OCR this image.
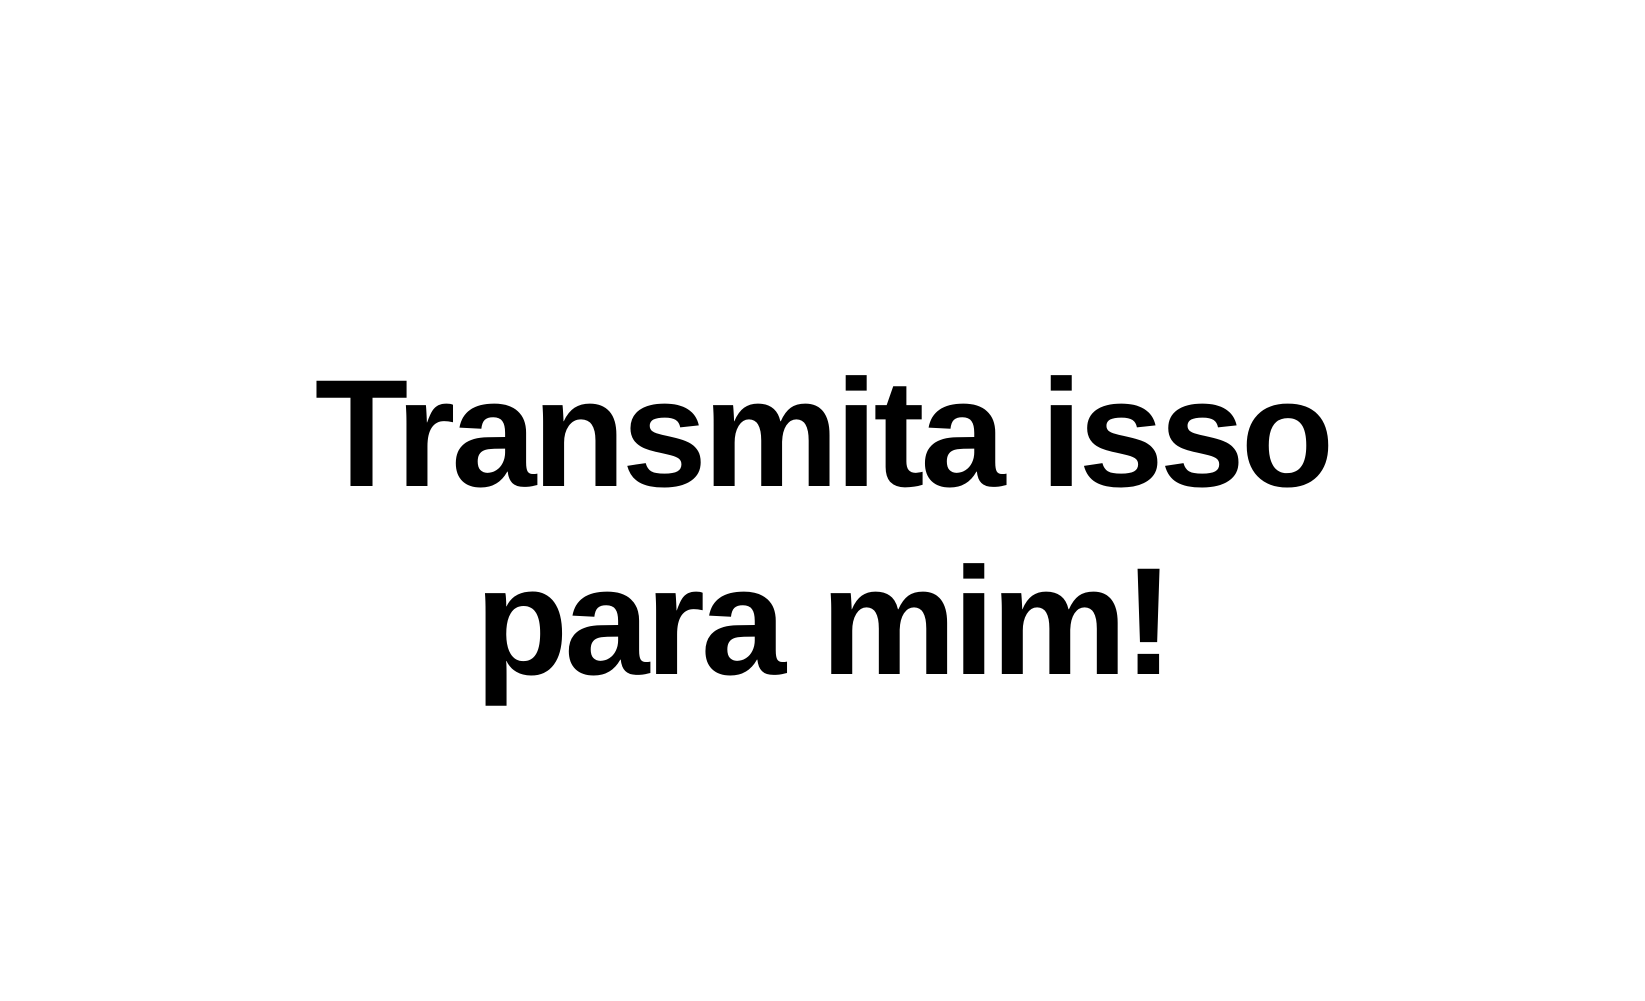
Transmita isso
para mim!
